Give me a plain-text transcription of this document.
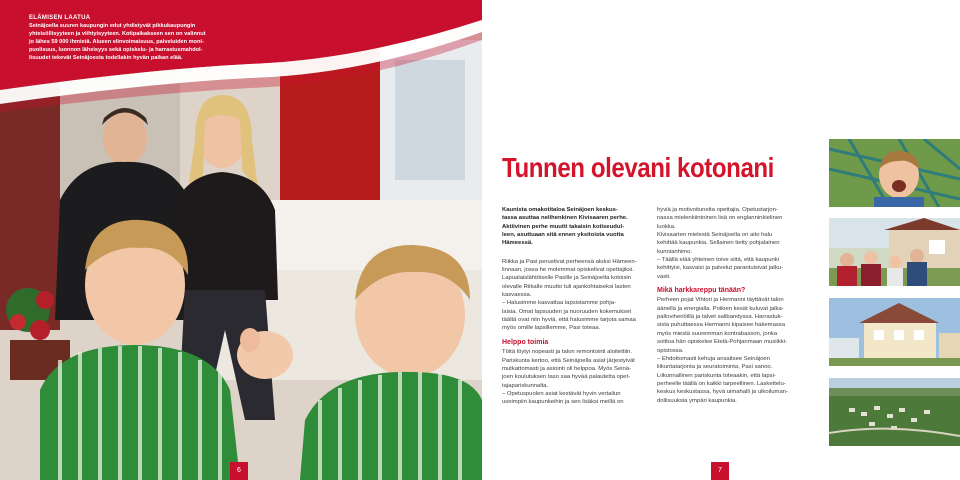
ELÄMISEN LAATUA
Seinäjoella suuren kaupungin edut yhdistyvät pikkukaupungin
yhteisöllisyyteen ja viihtyisyyteen. Kotipaikakseen sen on valinnut
jo lähes 59 000 ihmistä. Alueen elinvoimaisuus, palveluiden moni-
puolisuus, luonnon läheisyys sekä opiskelu- ja harrastusmahdol-
lisuudet tekevät Seinäjoesta todellakin hyvän paikan elää.
6
Tunnen olevani kotonani
Kaunista omakotitaloa Seinäjoen keskus-
tassa asuttaa nelihenkinen Kivisaaren perhe.
Aktiivinen perhe muutti takaisin kotiseudul-
leen, asuttuaan sitä ennen yksitoista vuotta
Hämeessä.

Riikka ja Pasi perustivat perheensä aluksi Hämeen-

linnaan, jossa he molemmat opiskelivat opettajiksi.

Lapualaislähtöiselle Pasille ja Seinäjoelta kotoisin

olevalle Riikalle muutto tuli ajankohtaiseksi lasten

kasvaessa.

– Halusimme kasvattaa lapsistamme pohja-

laisia. Omat lapsuuden ja nuoruuden kokemukset

täältä ovat niin hyviä, että halusimme tarjota samaa

myös omille lapsillemme, Pasi toteaa.

Helppo toimia

Töitä löytyi nopeasti ja talon remontointi aloitettiin.

Pariskunta kertoo, että Seinäjoella asiat järjestyivät

mutkattomasti ja asiointi oli helppoa. Myös Seinä-

joen koulutuksen taso saa hyvää palautetta opet-

tajapariskunnalta.

– Opetuspuolen asiat kestävät hyvin vertailun

useimpiin kaupunkeihin ja sen lisäksi meillä on

hyviä ja motivoituneita opettajia. Opetustarjon-

nassa mielenkiintoinen lisä on englanninkielinen

luokka.

Kivisaarten mielestä Seinäjoella on aito halu

kehittää kaupunkia. Sellainen tietty pohjalainen

kunnianhimo.

– Täällä elää yhteinen toive siitä, että kaupunki

kehittyisi, kasvaisi ja palvelut parantuisivat jatku-

vasti.

Mikä harkkareppu tänään?

Perheen pojat Vihtori ja Hermanni täyttävät talon

äänellä ja energialla. Poikien kesät kuluvat jalka-

palloviheriöillä ja talvet salibandyssa. Harrastuk-

sista puhuttaessa Hermanni kipaisee hakemassa

myös miestä suuremman kontrabasson, jonka

soittoa hän opiskelee Etelä-Pohjanmaan musiikki-

opistossa.

– Ehdottomasti kehuja ansaitsee Seinäjoen

liikuntatarjonta ja seuratoiminta, Pasi sanoo.

Liikunnallinen pariskunta toteaakin, että lapsi-

perheelle täällä on kaikki tarpeellinen. Laskettelu-

keskus keskustassa, hyvä uimahalli ja ulkoiluman-

dollisuuksia ympäri kaupunkia.

7
